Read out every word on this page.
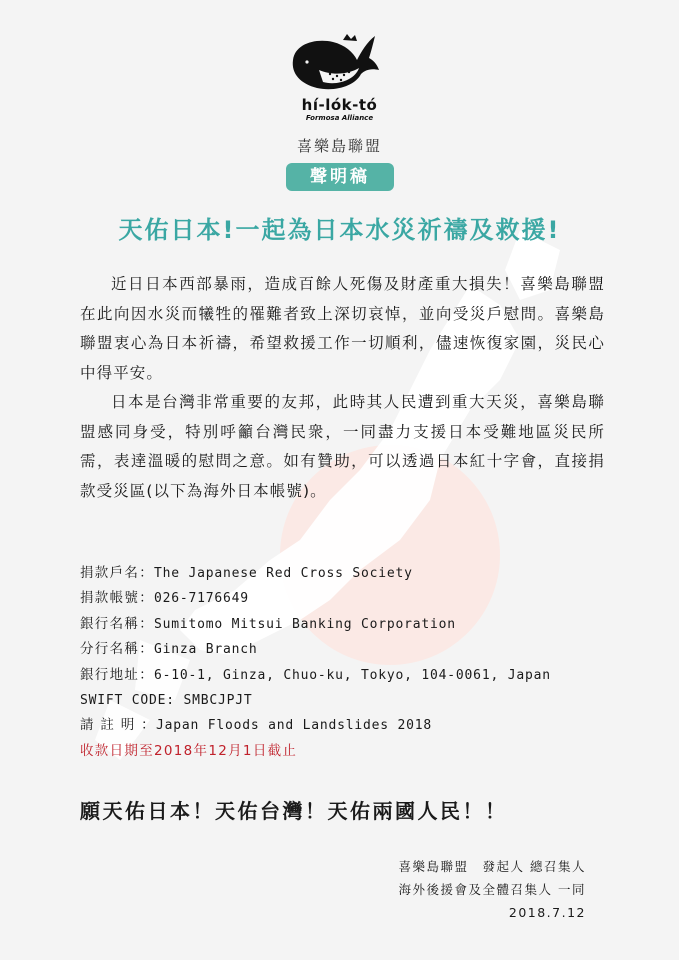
hí-lók-tó
Formosa Alliance
喜樂島聯盟
聲明稿
天佑日本!一起為日本水災祈禱及救援!

近日日本西部暴雨，造成百餘人死傷及財產重大損失！喜樂島聯盟在此向因水災而犧牲的罹難者致上深切哀悼，並向受災戶慰問。喜樂島聯盟衷心為日本祈禱，希望救援工作一切順利，儘速恢復家園，災民心中得平安。

日本是台灣非常重要的友邦，此時其人民遭到重大天災，喜樂島聯盟感同身受，特別呼籲台灣民衆，一同盡力支援日本受難地區災民所需，表達溫暖的慰問之意。如有贊助，可以透過日本紅十字會，直接捐款受災區(以下為海外日本帳號)。

捐款戶名：The Japanese Red Cross Society
捐款帳號：026-7176649
銀行名稱：Sumitomo Mitsui Banking Corporation
分行名稱：Ginza Branch
銀行地址：6-10-1, Ginza, Chuo-ku, Tokyo, 104-0061, Japan
SWIFT CODE: SMBCJPJT
請 註 明 ：Japan Floods and Landslides 2018
收款日期至2018年12月1日截止
願天佑日本！天佑台灣！天佑兩國人民！！
喜樂島聯盟　發起人 總召集人
海外後援會及全體召集人 一同
2018.7.12
